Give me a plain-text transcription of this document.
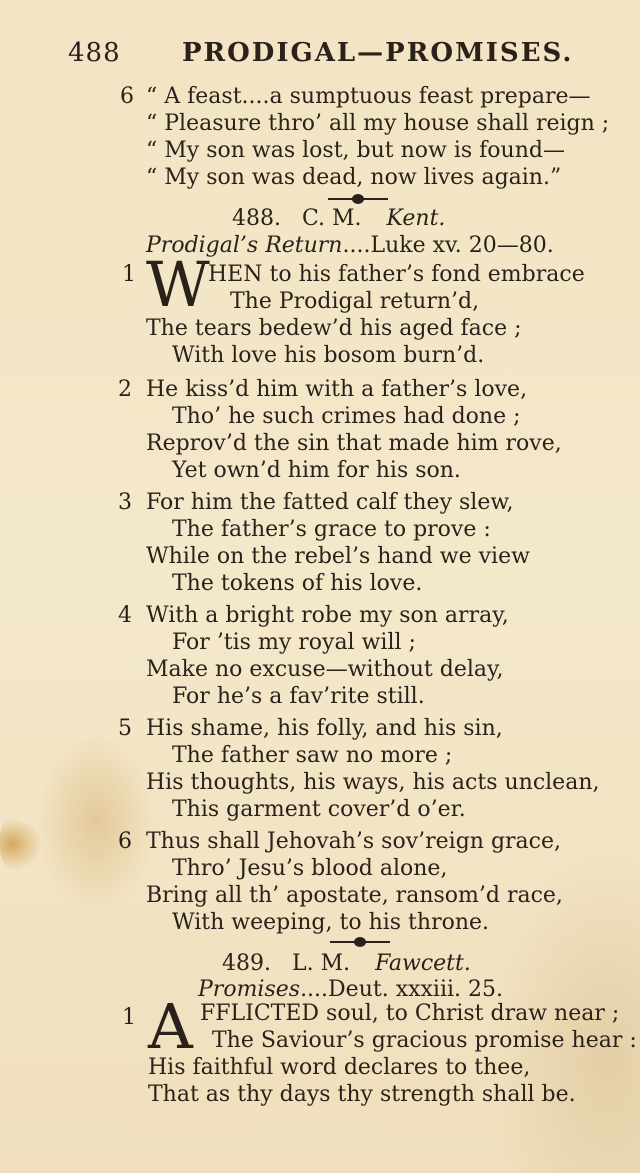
488 PRODIGAL—PROMISES.
6 “ A feast....a sumptuous feast prepare—
“ Pleasure thro’ all my house shall reign ;
“ My son was lost, but now is found—
“ My son was dead, now lives again.”
488. C. M. Kent.
Prodigal’s Return....Luke xv. 20—80.
1 W
HEN to his father’s fond embrace
The Prodigal return’d,
The tears bedew’d his aged face ;
With love his bosom burn’d.
2 He kiss’d him with a father’s love,
Tho’ he such crimes had done ;
Reprov’d the sin that made him rove,
Yet own’d him for his son.
3 For him the fatted calf they slew,
The father’s grace to prove :
While on the rebel’s hand we view
The tokens of his love.
4 With a bright robe my son array,
For ’tis my royal will ;
Make no excuse—without delay,
For he’s a fav’rite still.
5 His shame, his folly, and his sin,
The father saw no more ;
His thoughts, his ways, his acts unclean,
This garment cover’d o’er.
6 Thus shall Jehovah’s sov’reign grace,
Thro’ Jesu’s blood alone,
Bring all th’ apostate, ransom’d race,
With weeping, to his throne.
489. L. M. Fawcett.
Promises....Deut. xxxiii. 25.
1 A FFLICTED soul, to Christ draw near ;
The Saviour’s gracious promise hear :
His faithful word declares to thee,
That as thy days thy strength shall be.
